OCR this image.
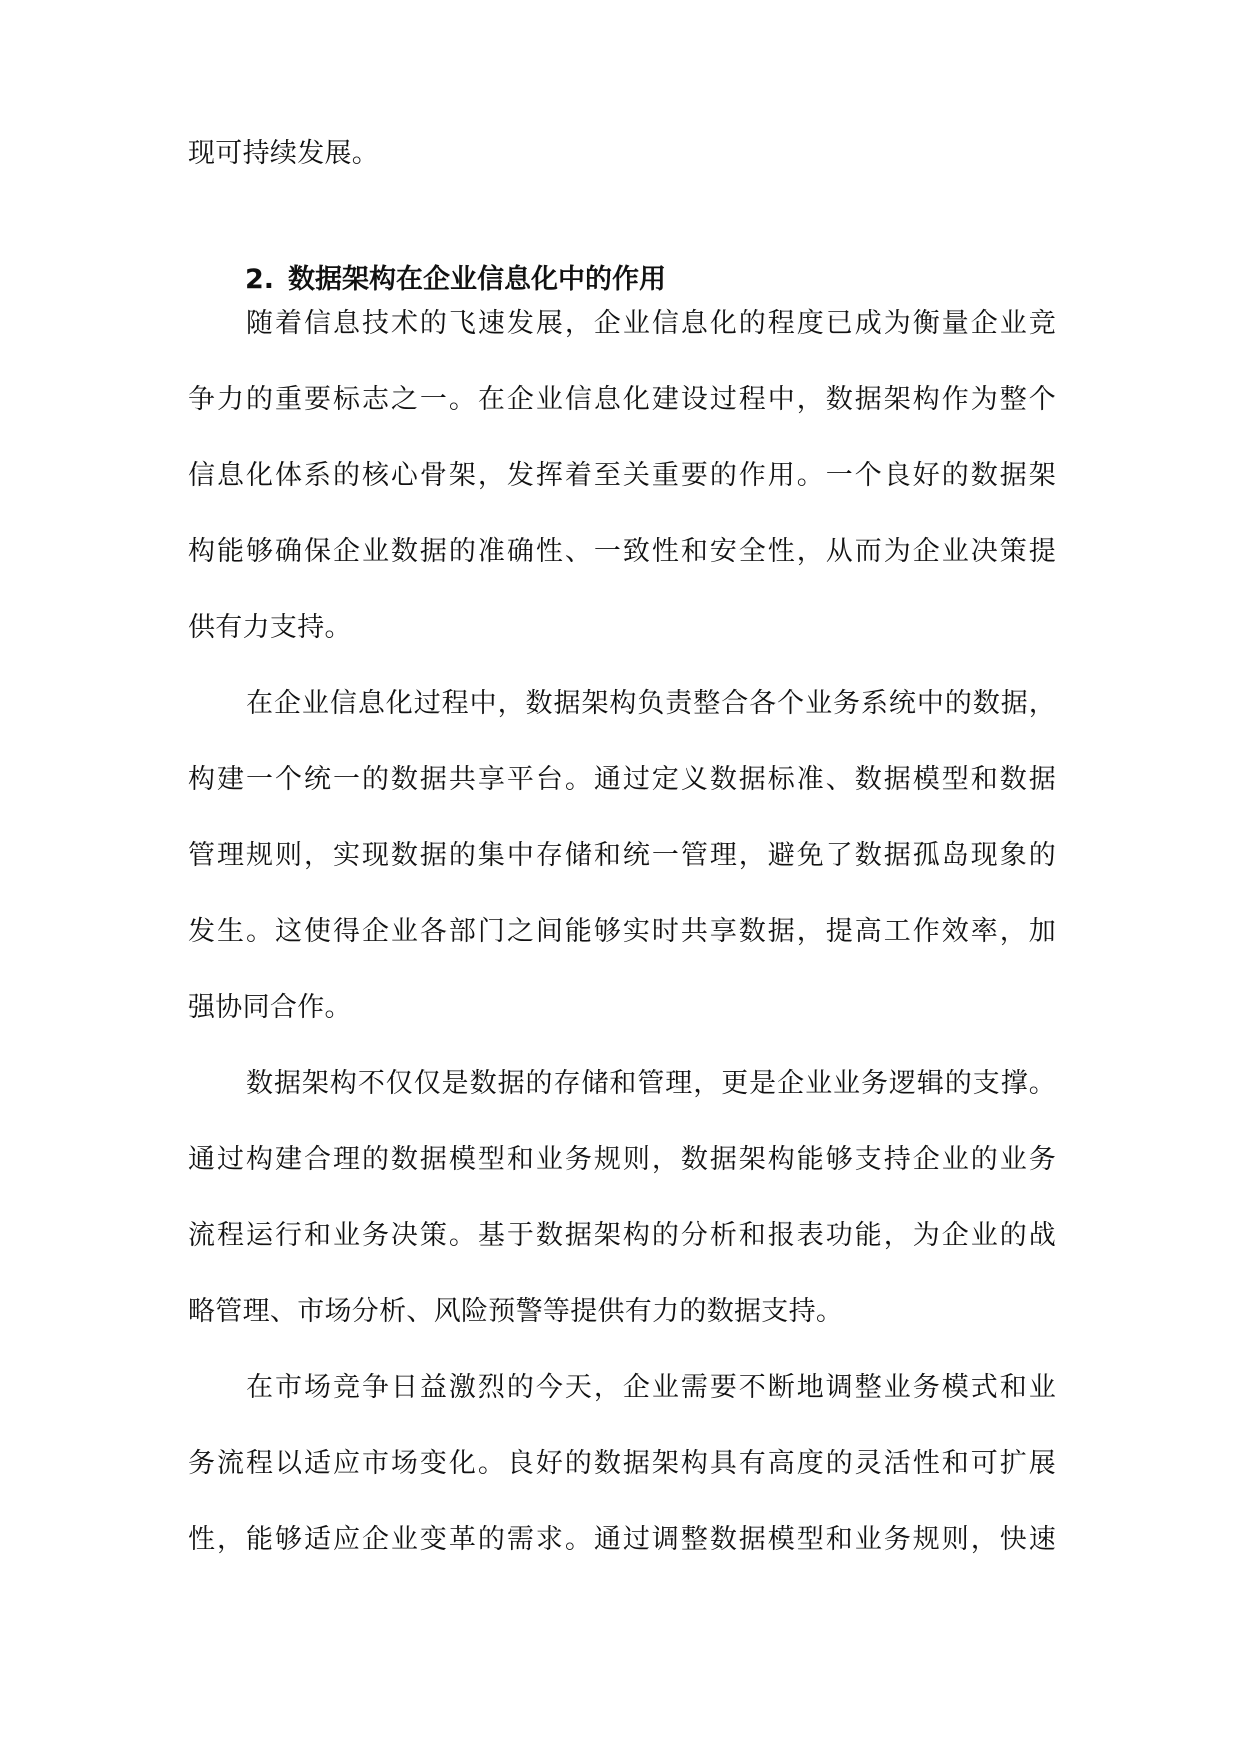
现可持续发展。
2. 数据架构在企业信息化中的作用
随着信息技术的飞速发展，企业信息化的程度已成为衡量企业竞
争力的重要标志之一。在企业信息化建设过程中，数据架构作为整个
信息化体系的核心骨架，发挥着至关重要的作用。一个良好的数据架
构能够确保企业数据的准确性、一致性和安全性，从而为企业决策提
供有力支持。
在企业信息化过程中，数据架构负责整合各个业务系统中的数据，
构建一个统一的数据共享平台。通过定义数据标准、数据模型和数据
管理规则，实现数据的集中存储和统一管理，避免了数据孤岛现象的
发生。这使得企业各部门之间能够实时共享数据，提高工作效率，加
强协同合作。
数据架构不仅仅是数据的存储和管理，更是企业业务逻辑的支撑。
通过构建合理的数据模型和业务规则，数据架构能够支持企业的业务
流程运行和业务决策。基于数据架构的分析和报表功能，为企业的战
略管理、市场分析、风险预警等提供有力的数据支持。
在市场竞争日益激烈的今天，企业需要不断地调整业务模式和业
务流程以适应市场变化。良好的数据架构具有高度的灵活性和可扩展
性，能够适应企业变革的需求。通过调整数据模型和业务规则，快速
